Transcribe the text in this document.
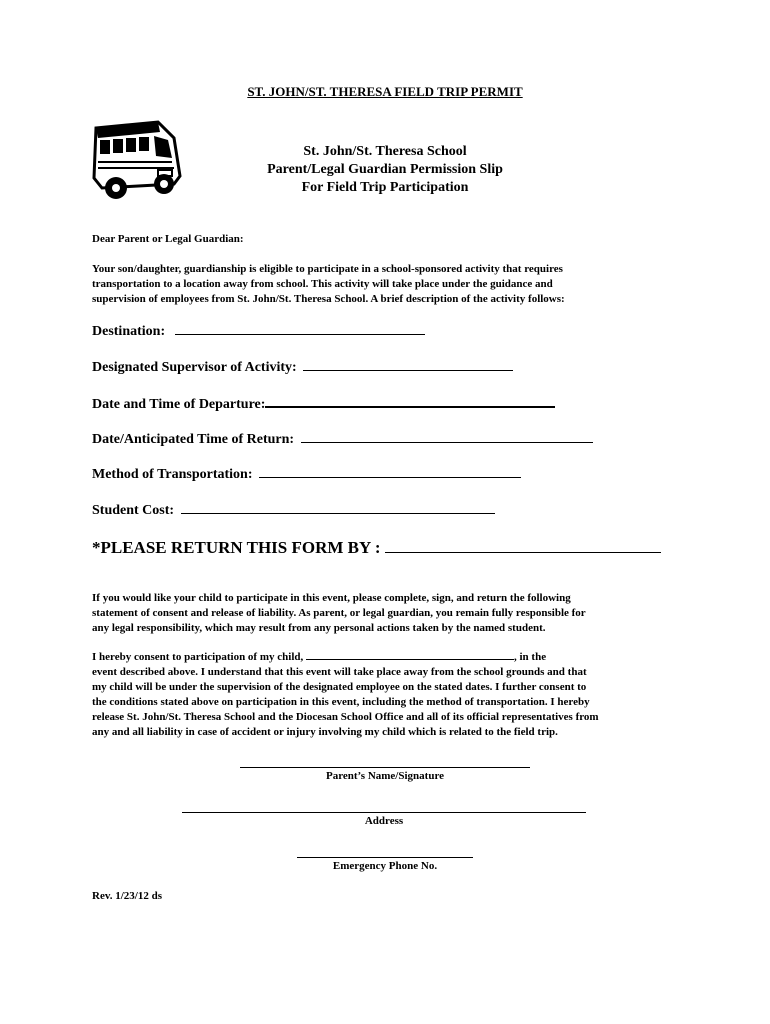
ST. JOHN/ST. THERESA FIELD TRIP PERMIT
St. John/St. Theresa School
Parent/Legal Guardian Permission Slip
For Field Trip Participation
Dear Parent or Legal Guardian:
Your son/daughter, guardianship is eligible to participate in a school-sponsored activity that requires
transportation to a location away from school. This activity will take place under the guidance and
supervision of employees from St. John/St. Theresa School. A brief description of the activity follows:
Destination:
Designated Supervisor of Activity:
Date and Time of Departure:
Date/Anticipated Time of Return:
Method of Transportation:
Student Cost:
*PLEASE RETURN THIS FORM BY :
If you would like your child to participate in this event, please complete, sign, and return the following
statement of consent and release of liability. As parent, or legal guardian, you remain fully responsible for
any legal responsibility, which may result from any personal actions taken by the named student.
I hereby consent to participation of my child,	, in the
event described above. I understand that this event will take place away from the school grounds and that
my child will be under the supervision of the designated employee on the stated dates. I further consent to
the conditions stated above on participation in this event, including the method of transportation. I hereby
release St. John/St. Theresa School and the Diocesan School Office and all of its official representatives from
any and all liability in case of accident or injury involving my child which is related to the field trip.
Parent’s Name/Signature
Address
Emergency Phone No.
Rev. 1/23/12 ds
